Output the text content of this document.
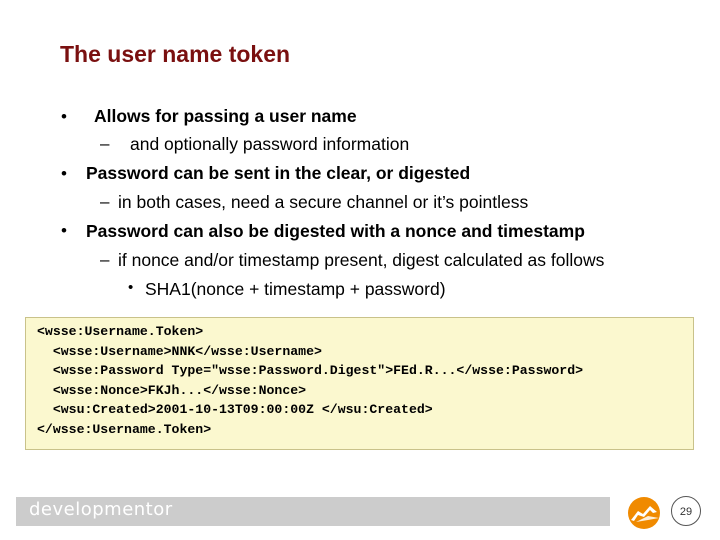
The user name token
• Allows for passing a user name
– and optionally password information
• Password can be sent in the clear, or digested
– in both cases, need a secure channel or it’s pointless
• Password can also be digested with a nonce and timestamp
– if nonce and/or timestamp present, digest calculated as follows
• SHA1(nonce + timestamp + password)
<wsse:Username.Token>
<wsse:Username>NNK</wsse:Username>
<wsse:Password Type="wsse:Password.Digest">FEd.R...</wsse:Password>
<wsse:Nonce>FKJh...</wsse:Nonce>
<wsu:Created>2001-10-13T09:00:00Z </wsu:Created>
</wsse:Username.Token>
developmentor	29
